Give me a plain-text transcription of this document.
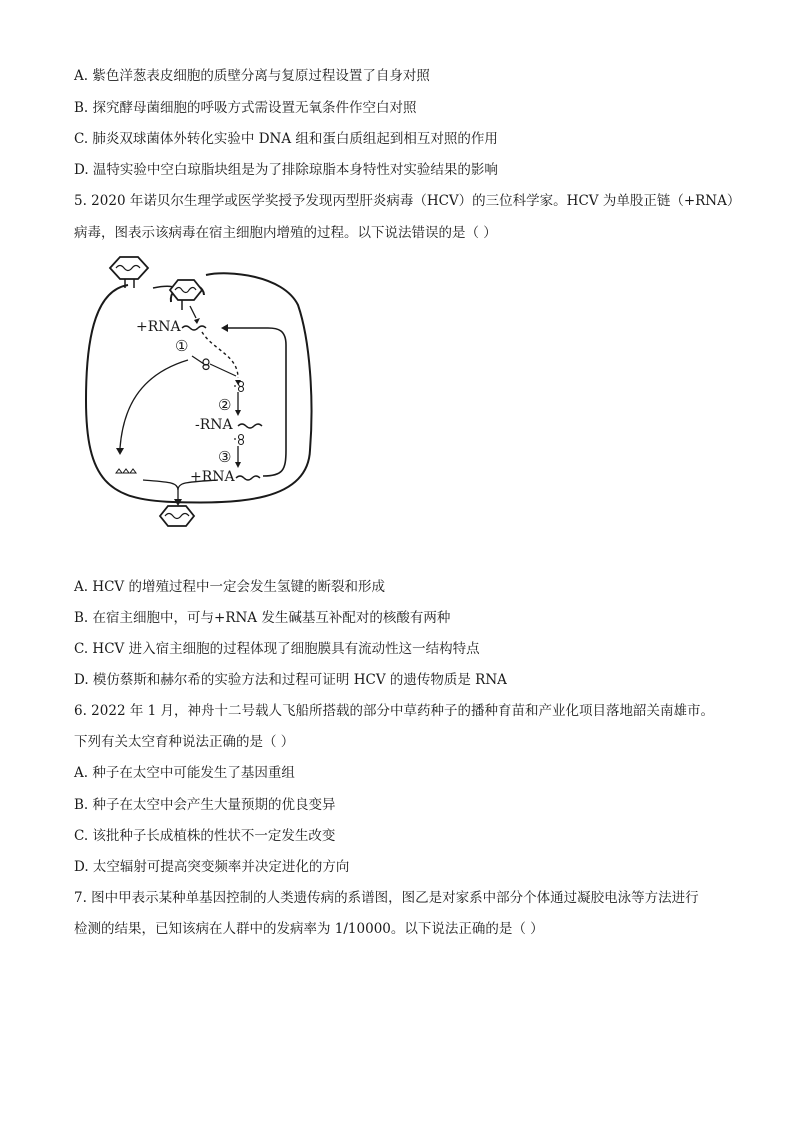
A. 紫色洋葱表皮细胞的质壁分离与复原过程设置了自身对照
B. 探究酵母菌细胞的呼吸方式需设置无氧条件作空白对照
C. 肺炎双球菌体外转化实验中 DNA 组和蛋白质组起到相互对照的作用
D. 温特实验中空白琼脂块组是为了排除琼脂本身特性对实验结果的影响
5. 2020 年诺贝尔生理学或医学奖授予发现丙型肝炎病毒（HCV）的三位科学家。HCV 为单股正链（+RNA）
病毒，图表示该病毒在宿主细胞内增殖的过程。以下说法错误的是（ ）
+RNA
①
②
-RNA
③
+RNA
A. HCV 的增殖过程中一定会发生氢键的断裂和形成
B. 在宿主细胞中，可与+RNA 发生碱基互补配对的核酸有两种
C. HCV 进入宿主细胞的过程体现了细胞膜具有流动性这一结构特点
D. 模仿蔡斯和赫尔希的实验方法和过程可证明 HCV 的遗传物质是 RNA
6. 2022 年 1 月，神舟十二号载人飞船所搭载的部分中草药种子的播种育苗和产业化项目落地韶关南雄市。
下列有关太空育种说法正确的是（ ）
A. 种子在太空中可能发生了基因重组
B. 种子在太空中会产生大量预期的优良变异
C. 该批种子长成植株的性状不一定发生改变
D. 太空辐射可提高突变频率并决定进化的方向
7. 图中甲表示某种单基因控制的人类遗传病的系谱图，图乙是对家系中部分个体通过凝胶电泳等方法进行
检测的结果，已知该病在人群中的发病率为 1/10000。以下说法正确的是（ ）
